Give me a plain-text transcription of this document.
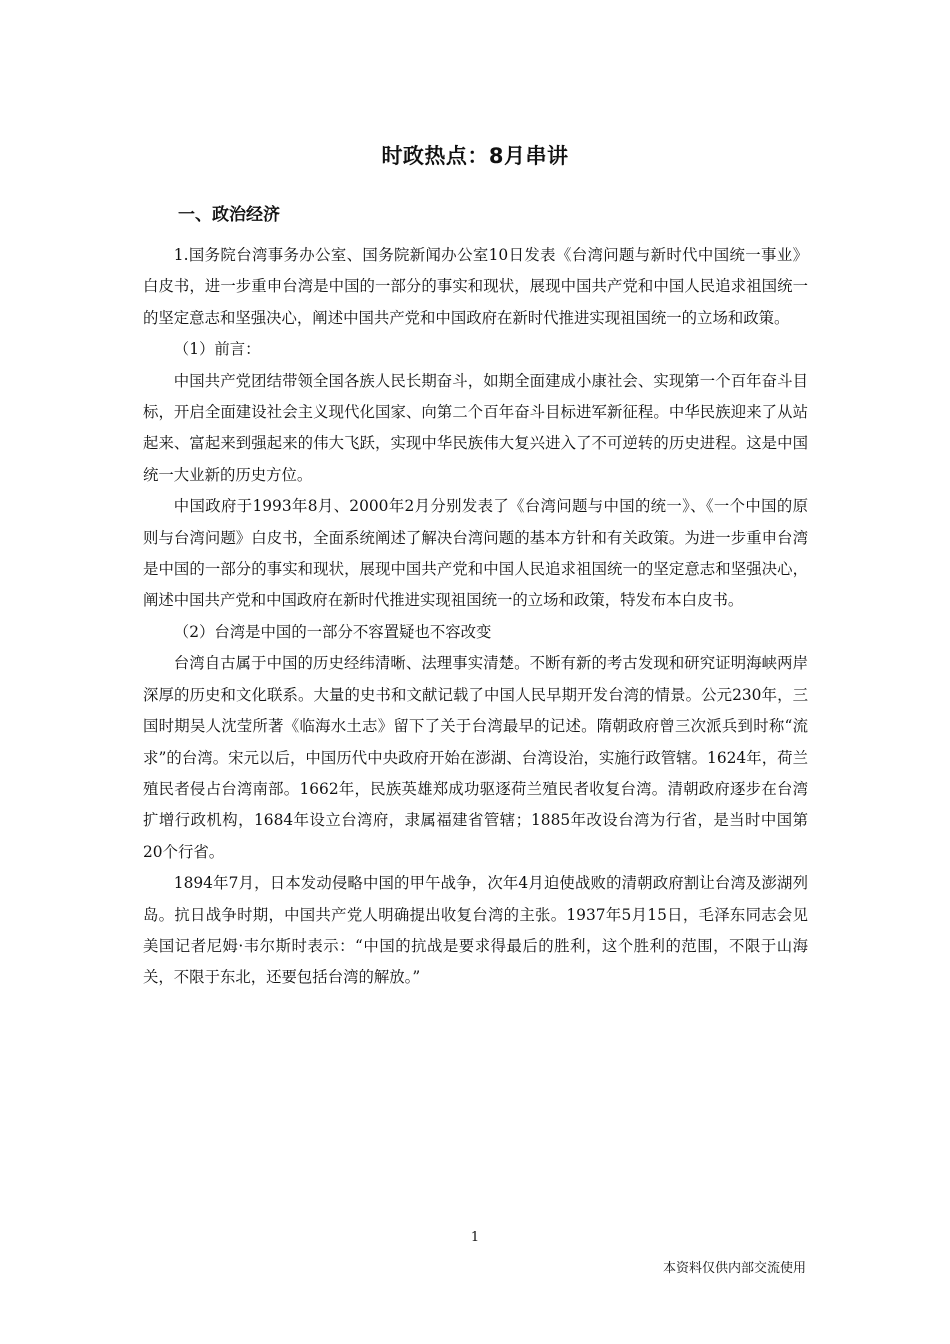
时政热点：8月串讲
一、政治经济

1.国务院台湾事务办公室、国务院新闻办公室10日发表《台湾问题与新时代中国统一事业》白皮书，进一步重申台湾是中国的一部分的事实和现状，展现中国共产党和中国人民追求祖国统一的坚定意志和坚强决心，阐述中国共产党和中国政府在新时代推进实现祖国统一的立场和政策。

（1）前言：

中国共产党团结带领全国各族人民长期奋斗，如期全面建成小康社会、实现第一个百年奋斗目标，开启全面建设社会主义现代化国家、向第二个百年奋斗目标进军新征程。中华民族迎来了从站起来、富起来到强起来的伟大飞跃，实现中华民族伟大复兴进入了不可逆转的历史进程。这是中国统一大业新的历史方位。

中国政府于1993年8月、2000年2月分别发表了《台湾问题与中国的统一》、《一个中国的原则与台湾问题》白皮书，全面系统阐述了解决台湾问题的基本方针和有关政策。为进一步重申台湾是中国的一部分的事实和现状，展现中国共产党和中国人民追求祖国统一的坚定意志和坚强决心，阐述中国共产党和中国政府在新时代推进实现祖国统一的立场和政策，特发布本白皮书。

（2）台湾是中国的一部分不容置疑也不容改变

台湾自古属于中国的历史经纬清晰、法理事实清楚。不断有新的考古发现和研究证明海峡两岸深厚的历史和文化联系。大量的史书和文献记载了中国人民早期开发台湾的情景。公元230年，三国时期吴人沈莹所著《临海水土志》留下了关于台湾最早的记述。隋朝政府曾三次派兵到时称“流求”的台湾。宋元以后，中国历代中央政府开始在澎湖、台湾设治，实施行政管辖。1624年，荷兰殖民者侵占台湾南部。1662年，民族英雄郑成功驱逐荷兰殖民者收复台湾。清朝政府逐步在台湾扩增行政机构，1684年设立台湾府，隶属福建省管辖；1885年改设台湾为行省，是当时中国第20个行省。

1894年7月，日本发动侵略中国的甲午战争，次年4月迫使战败的清朝政府割让台湾及澎湖列岛。抗日战争时期，中国共产党人明确提出收复台湾的主张。1937年5月15日，毛泽东同志会见美国记者尼姆·韦尔斯时表示：“中国的抗战是要求得最后的胜利，这个胜利的范围，不限于山海关，不限于东北，还要包括台湾的解放。”

1
本资料仅供内部交流使用
